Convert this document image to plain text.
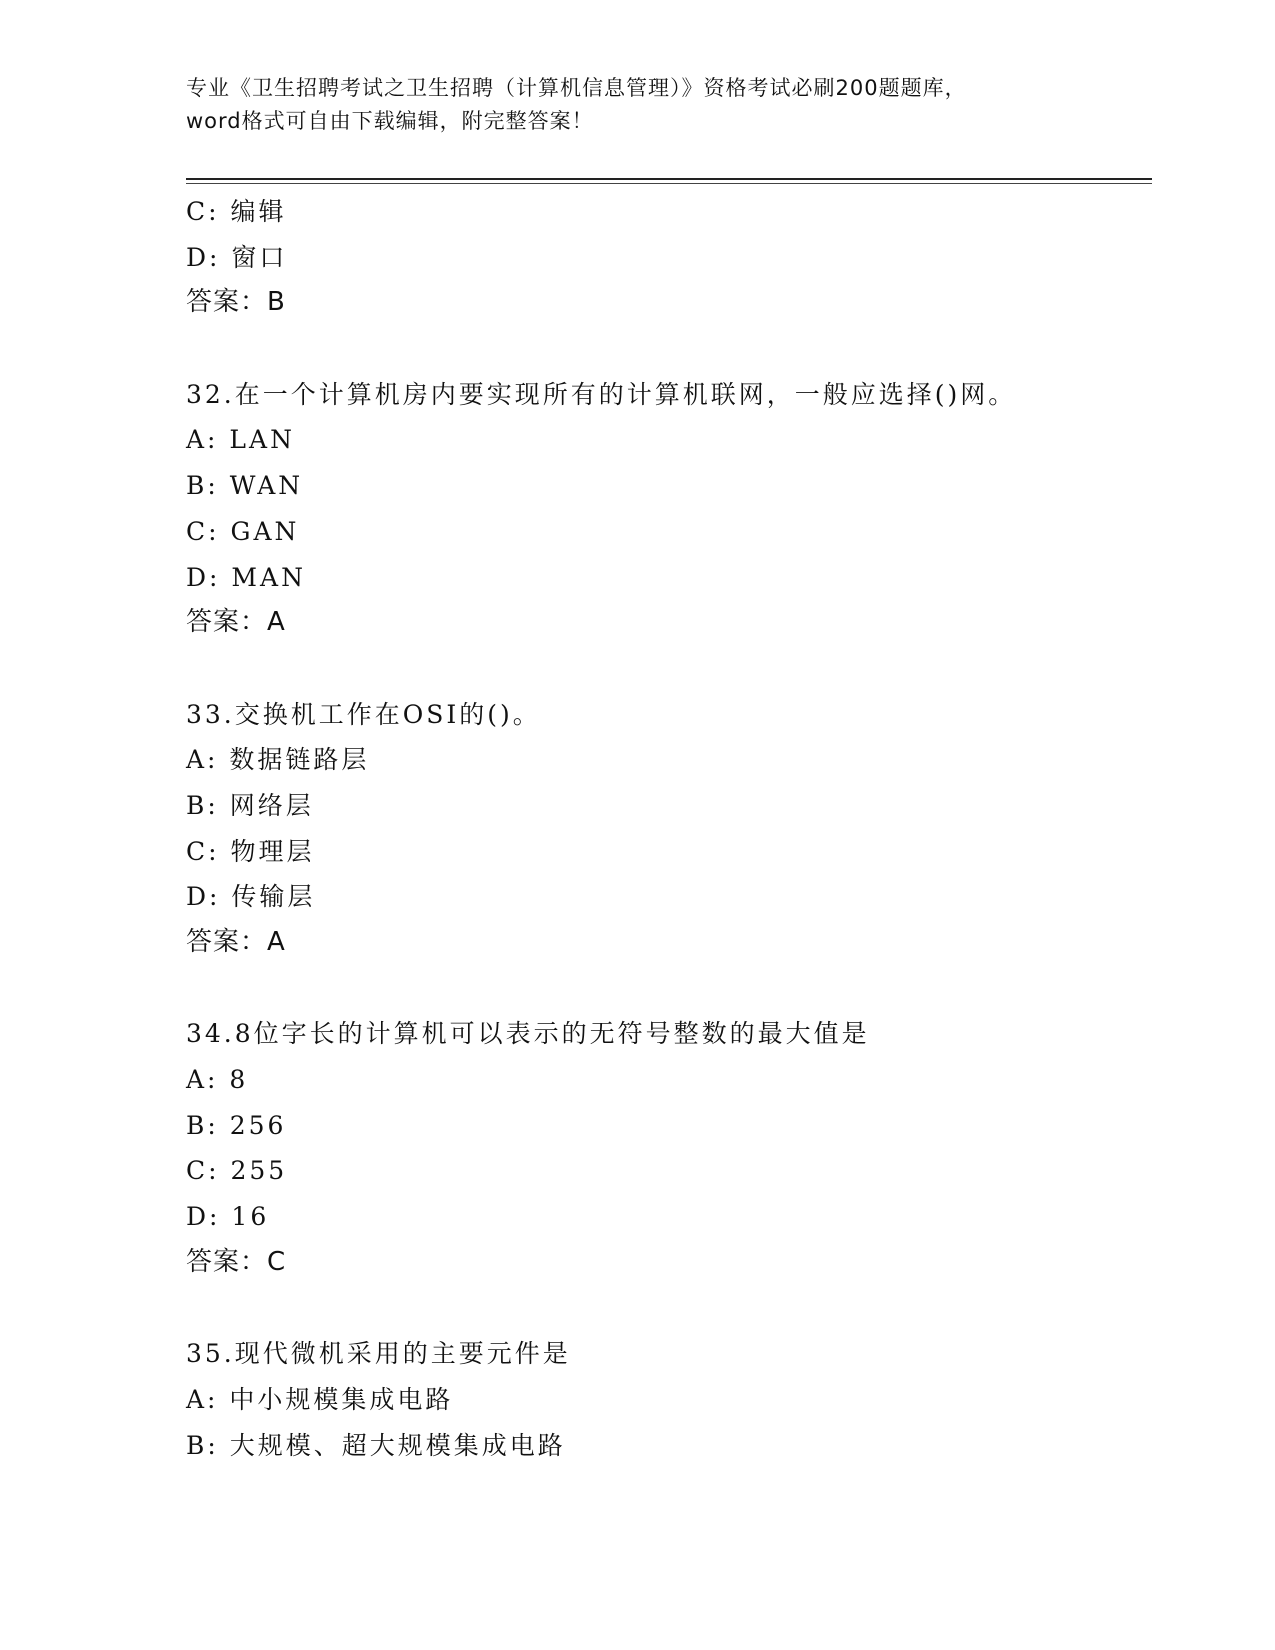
专业《卫生招聘考试之卫生招聘（计算机信息管理）》资格考试必刷200题题库，
word格式可自由下载编辑，附完整答案！
C: 编辑
D: 窗口
答案：B
32.在一个计算机房内要实现所有的计算机联网，一般应选择()网。
A: LAN
B: WAN
C: GAN
D: MAN
答案：A
33.交换机工作在OSI的()。
A: 数据链路层
B: 网络层
C: 物理层
D: 传输层
答案：A
34.8位字长的计算机可以表示的无符号整数的最大值是
A: 8
B: 256
C: 255
D: 16
答案：C
35.现代微机采用的主要元件是
A: 中小规模集成电路
B: 大规模、超大规模集成电路
